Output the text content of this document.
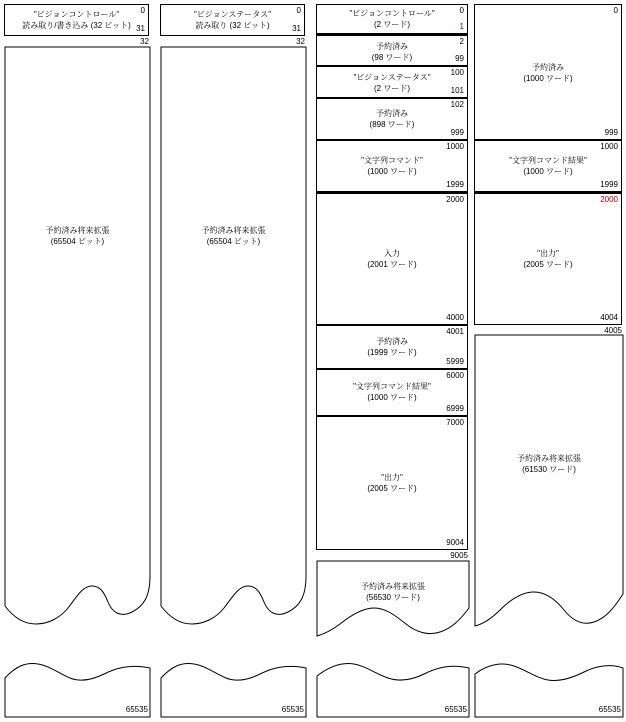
"ビジョンコントロール"
読み取り/書き込み (32 ビット)
0
31
32
予約済み将来拡張
(65504 ビット)
65535
"ビジョンステータス"
読み取り (32 ビット)
0
31
32
予約済み将来拡張
(65504 ビット)
65535
"ビジョンコントロール"
(2 ワード)
0
1
予約済み
(98 ワード)
2
99
"ビジョンステータス"
(2 ワード)
100
101
予約済み
(898 ワード)
102
999
"文字列コマンド"
(1000 ワード)
1000
1999
入力
(2001 ワード)
2000
4000
予約済み
(1999 ワード)
4001
5999
"文字列コマンド結果"
(1000 ワード)
6000
6999
"出力"
(2005 ワード)
7000
9004
9005
予約済み将来拡張
(56530 ワード)
65535
予約済み
(1000 ワード)
0
999
"文字列コマンド結果"
(1000 ワード)
1000
1999
"出力"
(2005 ワード)
2000
4004
4005
予約済み将来拡張
(61530 ワード)
65535
